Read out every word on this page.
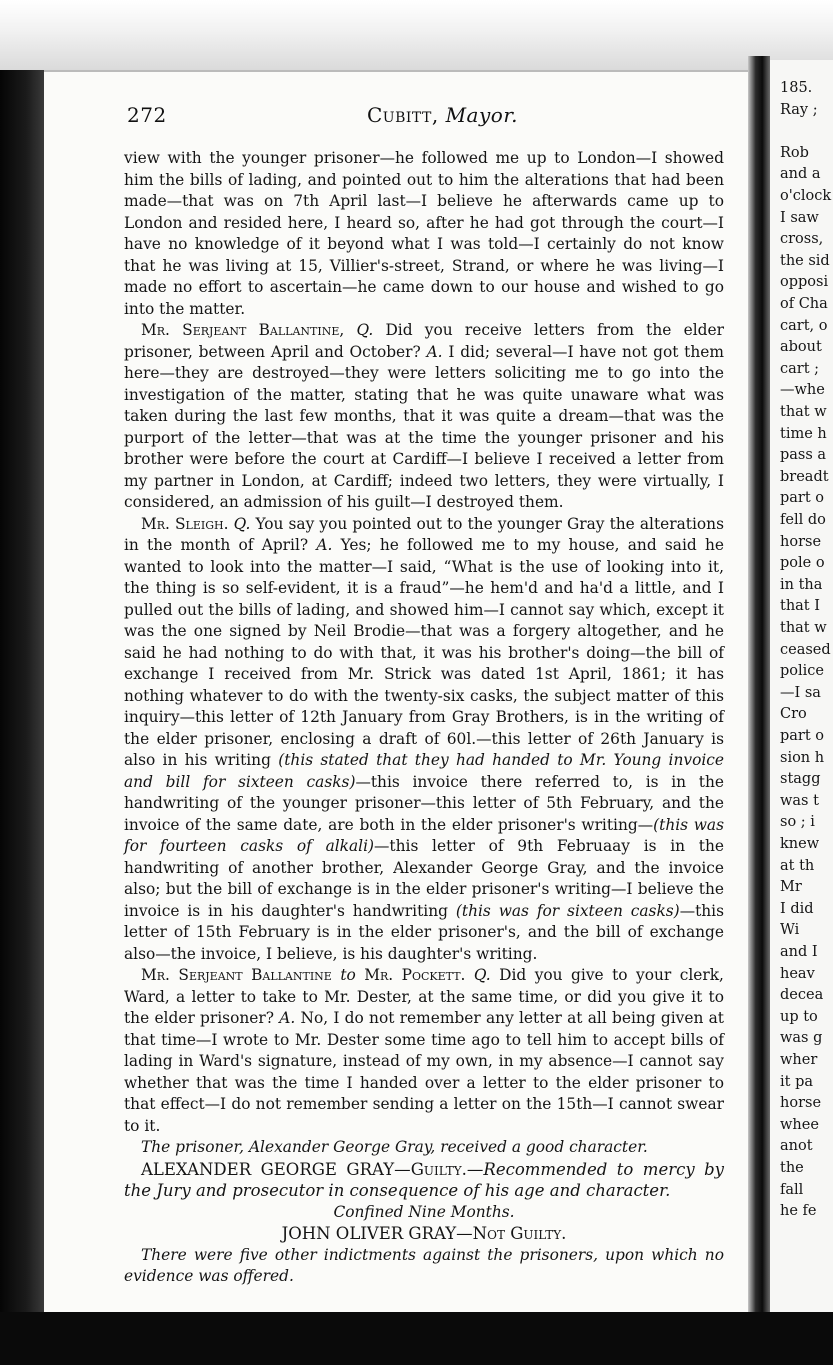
185.
Ray ;
Rob
and a
o'clock
I saw
cross,
the sid
opposi
of Cha
cart, o
about
cart ;
—whe
that w
time h
pass a
breadt
part o
fell do
horse
pole o
in tha
that I
that w
ceased
police
—I sa
Cro
part o
sion h
stagg
was t
so ; i
knew
at th
Mr
I did
Wi
and I
heav
decea
up to
was g
wher
it pa
horse
whee
anot
the
fall
he fe
272	Cubitt, Mayor.

view with the younger prisoner—he followed me up to London—I showed him the bills of lading, and pointed out to him the alterations that had been made—that was on 7th April last—I believe he afterwards came up to London and resided here, I heard so, after he had got through the court—I have no knowledge of it beyond what I was told—I certainly do not know that he was living at 15, Villier's-street, Strand, or where he was living—I made no effort to ascertain—he came down to our house and wished to go into the matter.

Mr. Serjeant Ballantine, Q. Did you receive letters from the elder prisoner, between April and October? A. I did; several—I have not got them here—they are destroyed—they were letters soliciting me to go into the investigation of the matter, stating that he was quite unaware what was taken during the last few months, that it was quite a dream—that was the purport of the letter—that was at the time the younger prisoner and his brother were before the court at Cardiff—I believe I received a letter from my partner in London, at Cardiff; indeed two letters, they were virtually, I considered, an admission of his guilt—I destroyed them.

Mr. Sleigh. Q. You say you pointed out to the younger Gray the alterations in the month of April? A. Yes; he followed me to my house, and said he wanted to look into the matter—I said, “What is the use of looking into it, the thing is so self-evident, it is a fraud”—he hem'd and ha'd a little, and I pulled out the bills of lading, and showed him—I cannot say which, except it was the one signed by Neil Brodie—that was a forgery altogether, and he said he had nothing to do with that, it was his brother's doing—the bill of exchange I received from Mr. Strick was dated 1st April, 1861; it has nothing whatever to do with the twenty-six casks, the subject matter of this inquiry—this letter of 12th January from Gray Brothers, is in the writing of the elder prisoner, enclosing a draft of 60l.—this letter of 26th January is also in his writing (this stated that they had handed to Mr. Young invoice and bill for sixteen casks)—this invoice there referred to, is in the handwriting of the younger prisoner—this letter of 5th February, and the invoice of the same date, are both in the elder prisoner's writing—(this was for fourteen casks of alkali)—this letter of 9th Februaay is in the handwriting of another brother, Alexander George Gray, and the invoice also; but the bill of exchange is in the elder prisoner's writing—I believe the invoice is in his daughter's handwriting (this was for sixteen casks)—this letter of 15th February is in the elder prisoner's, and the bill of exchange also—the invoice, I believe, is his daughter's writing.

Mr. Serjeant Ballantine to Mr. Pockett. Q. Did you give to your clerk, Ward, a letter to take to Mr. Dester, at the same time, or did you give it to the elder prisoner? A. No, I do not remember any letter at all being given at that time—I wrote to Mr. Dester some time ago to tell him to accept bills of lading in Ward's signature, instead of my own, in my absence—I cannot say whether that was the time I handed over a letter to the elder prisoner to that effect—I do not remember sending a letter on the 15th—I cannot swear to it.

The prisoner, Alexander George Gray, received a good character.

ALEXANDER GEORGE GRAY—Guilty.—Recommended to mercy by the Jury and prosecutor in consequence of his age and character.

Confined Nine Months.

JOHN OLIVER GRAY—Not Guilty.

There were five other indictments against the prisoners, upon which no evidence was offered.
